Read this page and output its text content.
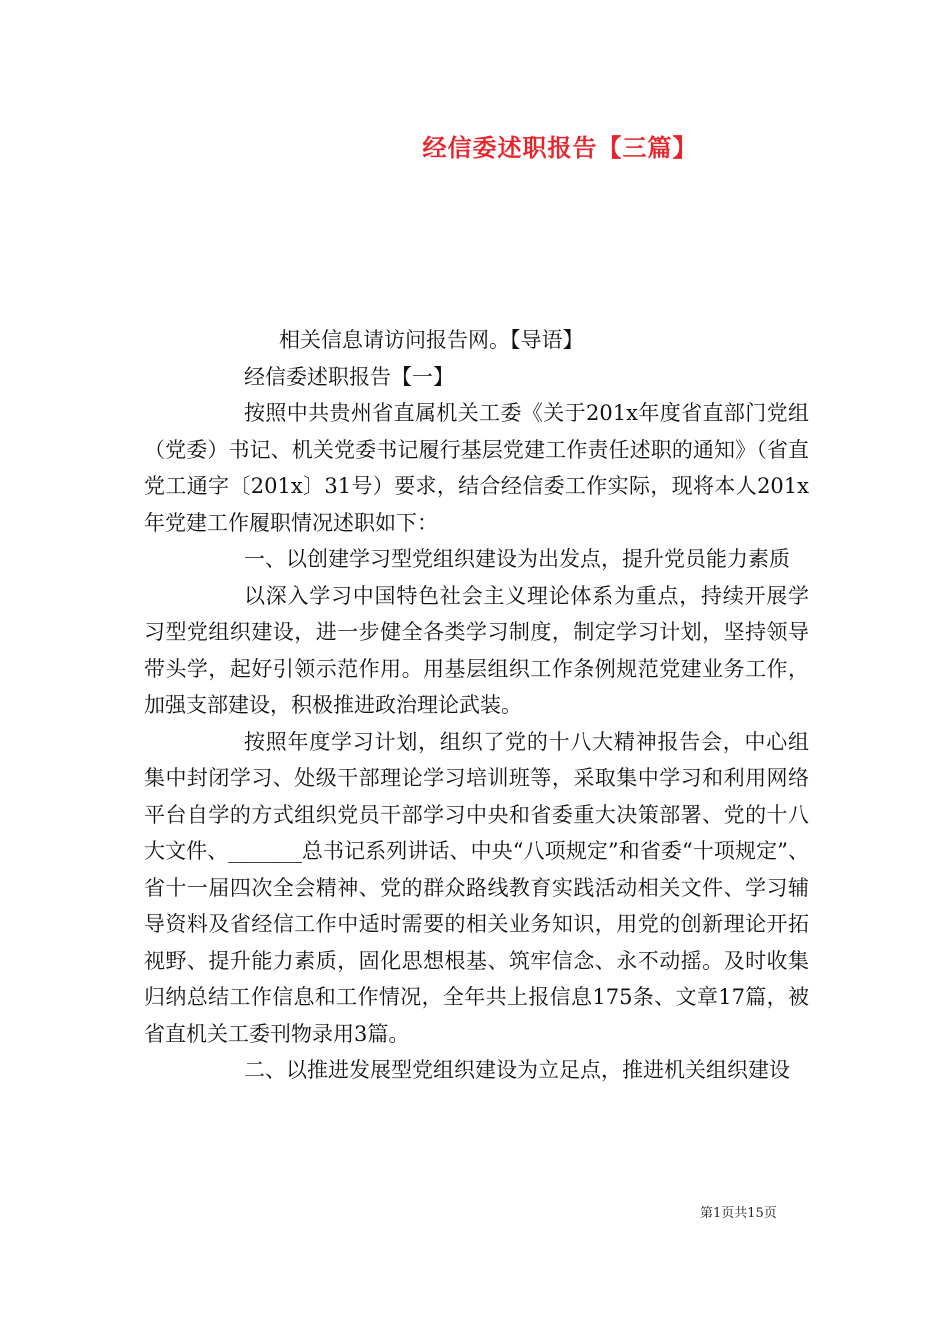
经信委述职报告【三篇】

相关信息请访问报告网。【导语】

经信委述职报告【一】

按照中共贵州省直属机关工委《关于201x年度省直部门党组（党委）书记、机关党委书记履行基层党建工作责任述职的通知》（省直党工通字〔201x〕31号）要求，结合经信委工作实际，现将本人201x年党建工作履职情况述职如下：

一、以创建学习型党组织建设为出发点，提升党员能力素质

以深入学习中国特色社会主义理论体系为重点，持续开展学习型党组织建设，进一步健全各类学习制度，制定学习计划，坚持领导带头学，起好引领示范作用。用基层组织工作条例规范党建业务工作，加强支部建设，积极推进政治理论武装。

按照年度学习计划，组织了党的十八大精神报告会，中心组集中封闭学习、处级干部理论学习培训班等，采取集中学习和利用网络平台自学的方式组织党员干部学习中央和省委重大决策部署、党的十八大文件、_______总书记系列讲话、中央“八项规定”和省委“十项规定”、省十一届四次全会精神、党的群众路线教育实践活动相关文件、学习辅导资料及省经信工作中适时需要的相关业务知识，用党的创新理论开拓视野、提升能力素质，固化思想根基、筑牢信念、永不动摇。及时收集归纳总结工作信息和工作情况，全年共上报信息175条、文章17篇，被省直机关工委刊物录用3篇。

二、以推进发展型党组织建设为立足点，推进机关组织建设

第1页共15页
